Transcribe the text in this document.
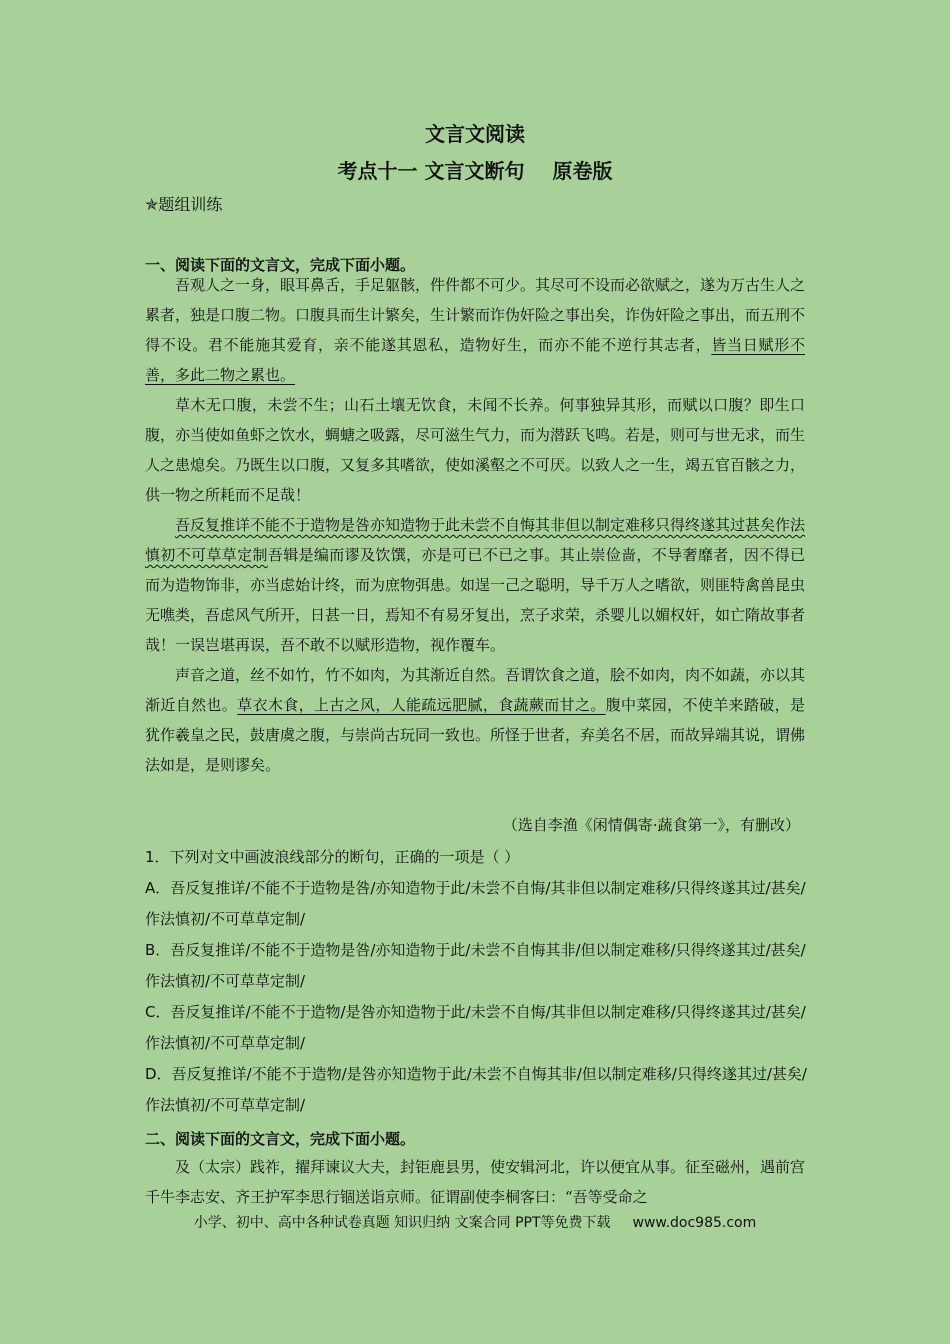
文言文阅读
考点十一 文言文断句 原卷版
✯题组训练
一、阅读下面的文言文，完成下面小题。

吾观人之一身，眼耳鼻舌，手足躯骸，件件都不可少。其尽可不设而必欲赋之，遂为万古生人之累者，独是口腹二物。口腹具而生计繁矣，生计繁而诈伪奸险之事出矣，诈伪奸险之事出，而五刑不得不设。君不能施其爱育，亲不能遂其恩私，造物好生，而亦不能不逆行其志者，皆当日赋形不善，多此二物之累也。

草木无口腹，未尝不生；山石土壤无饮食，未闻不长养。何事独异其形，而赋以口腹？即生口腹，亦当使如鱼虾之饮水，蜩螗之吸露，尽可滋生气力，而为潜跃飞鸣。若是，则可与世无求，而生人之患熄矣。乃既生以口腹，又复多其嗜欲，使如溪壑之不可厌。以致人之一生，竭五官百骸之力，供一物之所耗而不足哉！

吾反复推详不能不于造物是咎亦知造物于此未尝不自悔其非但以制定难移只得终遂其过甚矣作法慎初不可草草定制吾辑是编而谬及饮馔，亦是可已不已之事。其止崇俭啬，不导奢靡者，因不得已而为造物饰非，亦当虑始计终，而为庶物弭患。如逞一己之聪明，导千万人之嗜欲，则匪特禽兽昆虫无噍类，吾虑风气所开，日甚一日，焉知不有易牙复出，烹子求荣，杀婴儿以媚权奸，如亡隋故事者哉！一误岂堪再误，吾不敢不以赋形造物，视作覆车。

声音之道，丝不如竹，竹不如肉，为其渐近自然。吾谓饮食之道，脍不如肉，肉不如蔬，亦以其渐近自然也。草衣木食，上古之风，人能疏远肥腻，食蔬蕨而甘之。腹中菜园，不使羊来踏破，是犹作羲皇之民，鼓唐虞之腹，与崇尚古玩同一致也。所怪于世者，弃美名不居，而故异端其说，谓佛法如是，是则谬矣。

（选自李渔《闲情偶寄·蔬食第一》，有删改）

1．下列对文中画波浪线部分的断句，正确的一项是（ ）

A．吾反复推详/不能不于造物是咎/亦知造物于此/未尝不自悔/其非但以制定难移/只得终遂其过/甚矣/作法慎初/不可草草定制/

B．吾反复推详/不能不于造物是咎/亦知造物于此/未尝不自悔其非/但以制定难移/只得终遂其过/甚矣/作法慎初/不可草草定制/

C．吾反复推详/不能不于造物/是咎亦知造物于此/未尝不自悔/其非但以制定难移/只得终遂其过/甚矣/作法慎初/不可草草定制/

D．吾反复推详/不能不于造物/是咎亦知造物于此/未尝不自悔其非/但以制定难移/只得终遂其过/甚矣/作法慎初/不可草草定制/

二、阅读下面的文言文，完成下面小题。

及（太宗）践祚，擢拜谏议大夫，封钜鹿县男，使安辑河北，许以便宜从事。征至磁州，遇前宫千牛李志安、齐王护军李思行锢送诣京师。征谓副使李桐客曰：“吾等受命之

小学、初中、高中各种试卷真题 知识归纳 文案合同 PPT等免费下载 www.doc985.com
